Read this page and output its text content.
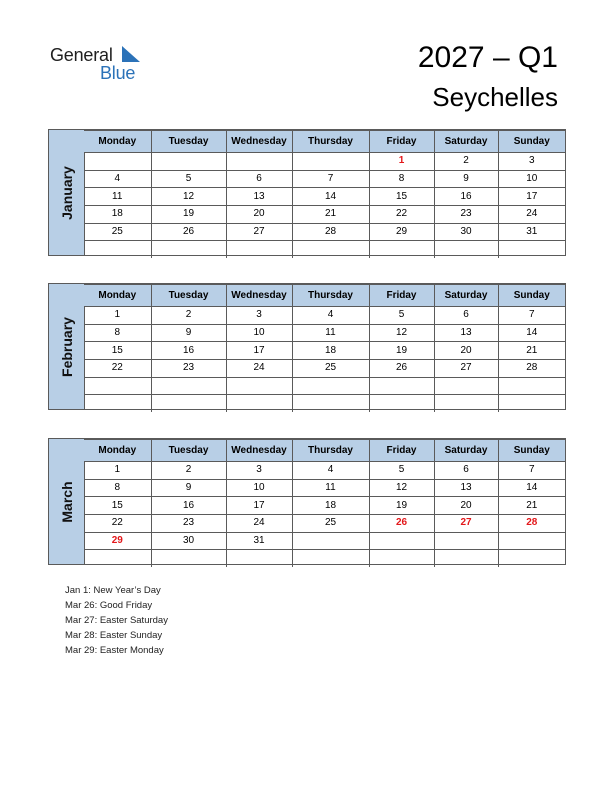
General
Blue	2027 – Q1
Seychelles
January
Monday	Tuesday	Wednesday	Thursday	Friday	Saturday	Sunday
				1	2	3
4	5	6	7	8	9	10
11	12	13	14	15	16	17
18	19	20	21	22	23	24
25	26	27	28	29	30	31

February
Monday	Tuesday	Wednesday	Thursday	Friday	Saturday	Sunday
1	2	3	4	5	6	7
8	9	10	11	12	13	14
15	16	17	18	19	20	21
22	23	24	25	26	27	28

March
Monday	Tuesday	Wednesday	Thursday	Friday	Saturday	Sunday
1	2	3	4	5	6	7
8	9	10	11	12	13	14
15	16	17	18	19	20	21
22	23	24	25	26	27	28
29	30	31				

Jan 1: New Year’s Day
Mar 26: Good Friday
Mar 27: Easter Saturday
Mar 28: Easter Sunday
Mar 29: Easter Monday
